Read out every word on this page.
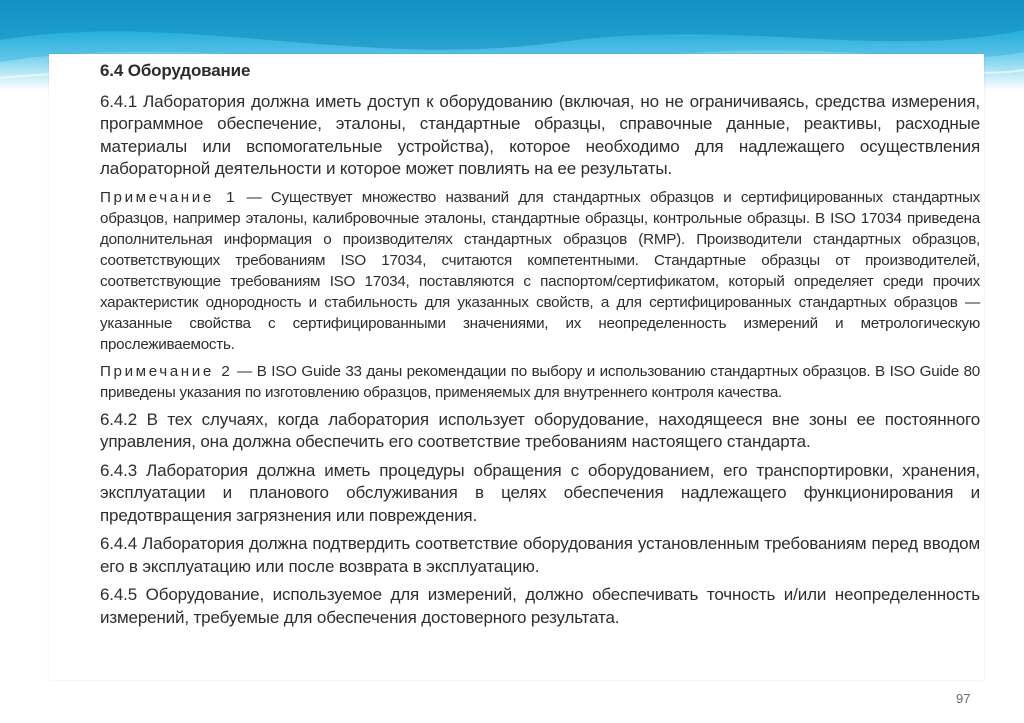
6.4 Оборудование

6.4.1 Лаборатория должна иметь доступ к оборудованию (включая, но не ограничиваясь, средства измерения, программное обеспечение, эталоны, стандартные образцы, справочные данные, реактивы, расходные материалы или вспомогательные устройства), которое необходимо для надлежащего осуществления лабораторной деятельности и которое может повлиять на ее результаты.

Примечание 1 — Существует множество названий для стандартных образцов и сертифицированных стандартных образцов, например эталоны, калибровочные эталоны, стандартные образцы, контрольные образцы. В ISO 17034 приведена дополнительная информация о производителях стандартных образцов (RMP). Производители стандартных образцов, соответствующих требованиям ISO 17034, считаются компетентными. Стандартные образцы от производителей, соответствующие требованиям ISO 17034, поставляются с паспортом/сертификатом, который определяет среди прочих характеристик однородность и стабильность для указанных свойств, а для сертифицированных стандартных образцов — указанные свойства с сертифицированными значениями, их неопределенность измерений и метрологическую прослеживаемость.

Примечание 2 — В ISO Guide 33 даны рекомендации по выбору и использованию стандартных образцов. В ISO Guide 80 приведены указания по изготовлению образцов, применяемых для внутреннего контроля качества.

6.4.2 В тех случаях, когда лаборатория использует оборудование, находящееся вне зоны ее постоянного управления, она должна обеспечить его соответствие требованиям настоящего стандарта.

6.4.3 Лаборатория должна иметь процедуры обращения с оборудованием, его транспортировки, хранения, эксплуатации и планового обслуживания в целях обеспечения надлежащего функционирования и предотвращения загрязнения или повреждения.

6.4.4 Лаборатория должна подтвердить соответствие оборудования установленным требованиям перед вводом его в эксплуатацию или после возврата в эксплуатацию.

6.4.5 Оборудование, используемое для измерений, должно обеспечивать точность и/или неопределенность измерений, требуемые для обеспечения достоверного результата.

97
